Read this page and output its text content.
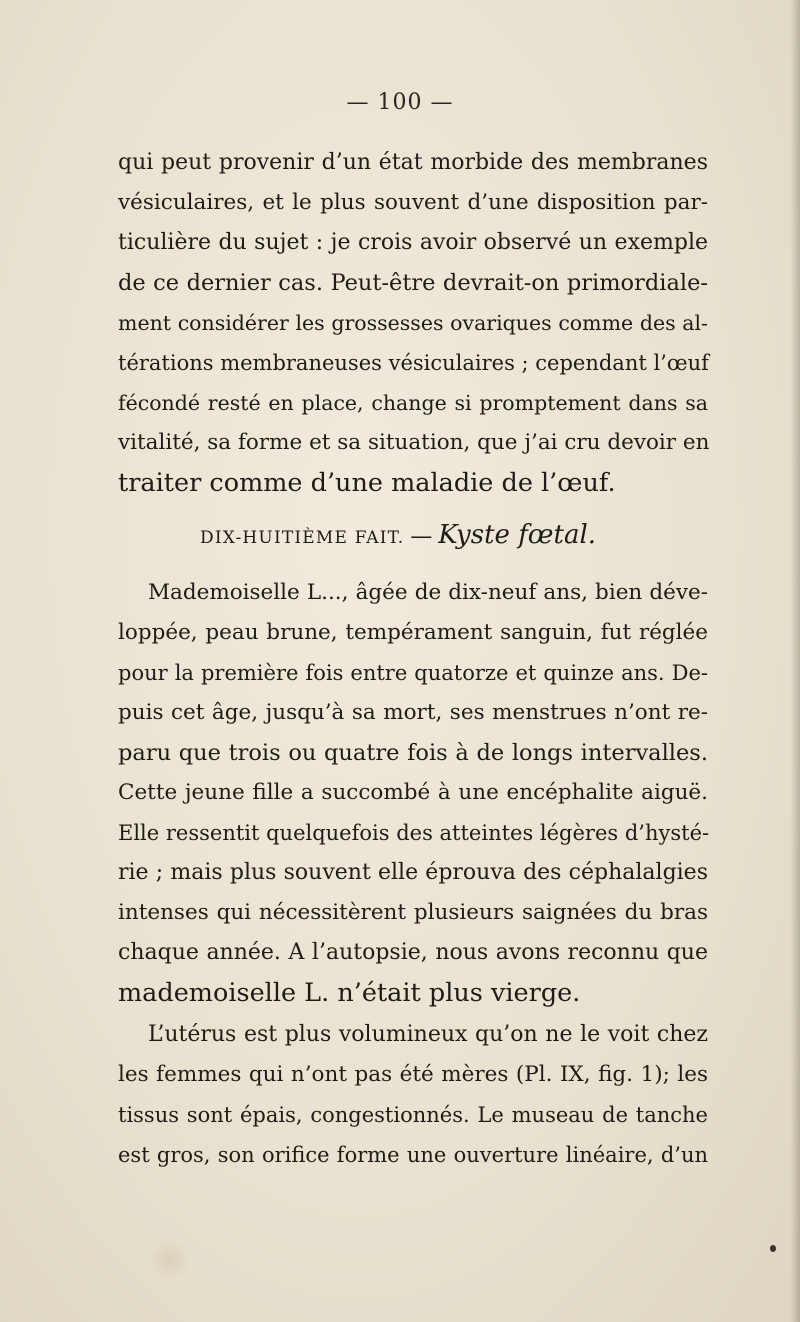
— 100 —
qui peut provenir d’un état morbide des membranes
vésiculaires, et le plus souvent d’une disposition par-
ticulière du sujet : je crois avoir observé un exemple
de ce dernier cas. Peut-être devrait-on primordiale-
ment considérer les grossesses ovariques comme des al-
térations membraneuses vésiculaires ; cependant l’œuf
fécondé resté en place, change si promptement dans sa
vitalité, sa forme et sa situation, que j’ai cru devoir en
traiter comme d’une maladie de l’œuf.
DIX-HUITIÈME FAIT. — Kyste fœtal.
Mademoiselle L..., âgée de dix-neuf ans, bien déve-
loppée, peau brune, tempérament sanguin, fut réglée
pour la première fois entre quatorze et quinze ans. De-
puis cet âge, jusqu’à sa mort, ses menstrues n’ont re-
paru que trois ou quatre fois à de longs intervalles.
Cette jeune fille a succombé à une encéphalite aiguë.
Elle ressentit quelquefois des atteintes légères d’hysté-
rie ; mais plus souvent elle éprouva des céphalalgies
intenses qui nécessitèrent plusieurs saignées du bras
chaque année. A l’autopsie, nous avons reconnu que
mademoiselle L. n’était plus vierge.
L’utérus est plus volumineux qu’on ne le voit chez
les femmes qui n’ont pas été mères (Pl. IX, fig. 1); les
tissus sont épais, congestionnés. Le museau de tanche
est gros, son orifice forme une ouverture linéaire, d’un
